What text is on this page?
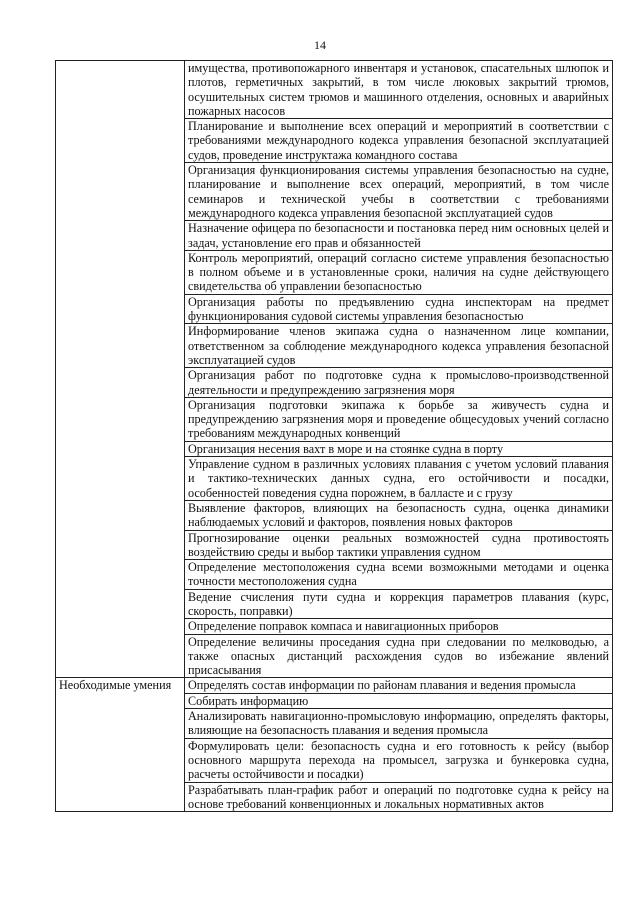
14
	имущества, противопожарного инвентаря и установок, спасательных шлюпок и плотов, герметичных закрытий, в том числе люковых закрытий трюмов, осушительных систем трюмов и машинного отделения, основных и аварийных пожарных насосов
	Планирование и выполнение всех операций и мероприятий в соответствии с требованиями международного кодекса управления безопасной эксплуатацией судов, проведение инструктажа командного состава
	Организация функционирования системы управления безопасностью на судне, планирование и выполнение всех операций, мероприятий, в том числе семинаров и технической учебы в соответствии с требованиями международного кодекса управления безопасной эксплуатацией судов
	Назначение офицера по безопасности и постановка перед ним основных целей и задач, установление его прав и обязанностей
	Контроль мероприятий, операций согласно системе управления безопасностью в полном объеме и в установленные сроки, наличия на судне действующего свидетельства об управлении безопасностью
	Организация работы по предъявлению судна инспекторам на предмет функционирования судовой системы управления безопасностью
	Информирование членов экипажа судна о назначенном лице компании, ответственном за соблюдение международного кодекса управления безопасной эксплуатацией судов
	Организация работ по подготовке судна к промыслово-производственной деятельности и предупреждению загрязнения моря
	Организация подготовки экипажа к борьбе за живучесть судна и предупреждению загрязнения моря и проведение общесудовых учений согласно требованиям международных конвенций
	Организация несения вахт в море и на стоянке судна в порту
	Управление судном в различных условиях плавания с учетом условий плавания и тактико-технических данных судна, его остойчивости и посадки, особенностей поведения судна порожнем, в балласте и с грузу
	Выявление факторов, влияющих на безопасность судна, оценка динамики наблюдаемых условий и факторов, появления новых факторов
	Прогнозирование оценки реальных возможностей судна противостоять воздействию среды и выбор тактики управления судном
	Определение местоположения судна всеми возможными методами и оценка точности местоположения судна
	Ведение счисления пути судна и коррекция параметров плавания (курс, скорость, поправки)
	Определение поправок компаса и навигационных приборов
	Определение величины проседания судна при следовании по мелководью, а также опасных дистанций расхождения судов во избежание явлений присасывания
Необходимые умения	Определять состав информации по районам плавания и ведения промысла
	Собирать информацию
	Анализировать навигационно-промысловую информацию, определять факторы, влияющие на безопасность плавания и ведения промысла
	Формулировать цели: безопасность судна и его готовность к рейсу (выбор основного маршрута перехода на промысел, загрузка и бункеровка судна, расчеты остойчивости и посадки)
	Разрабатывать план-график работ и операций по подготовке судна к рейсу на основе требований конвенционных и локальных нормативных актов
